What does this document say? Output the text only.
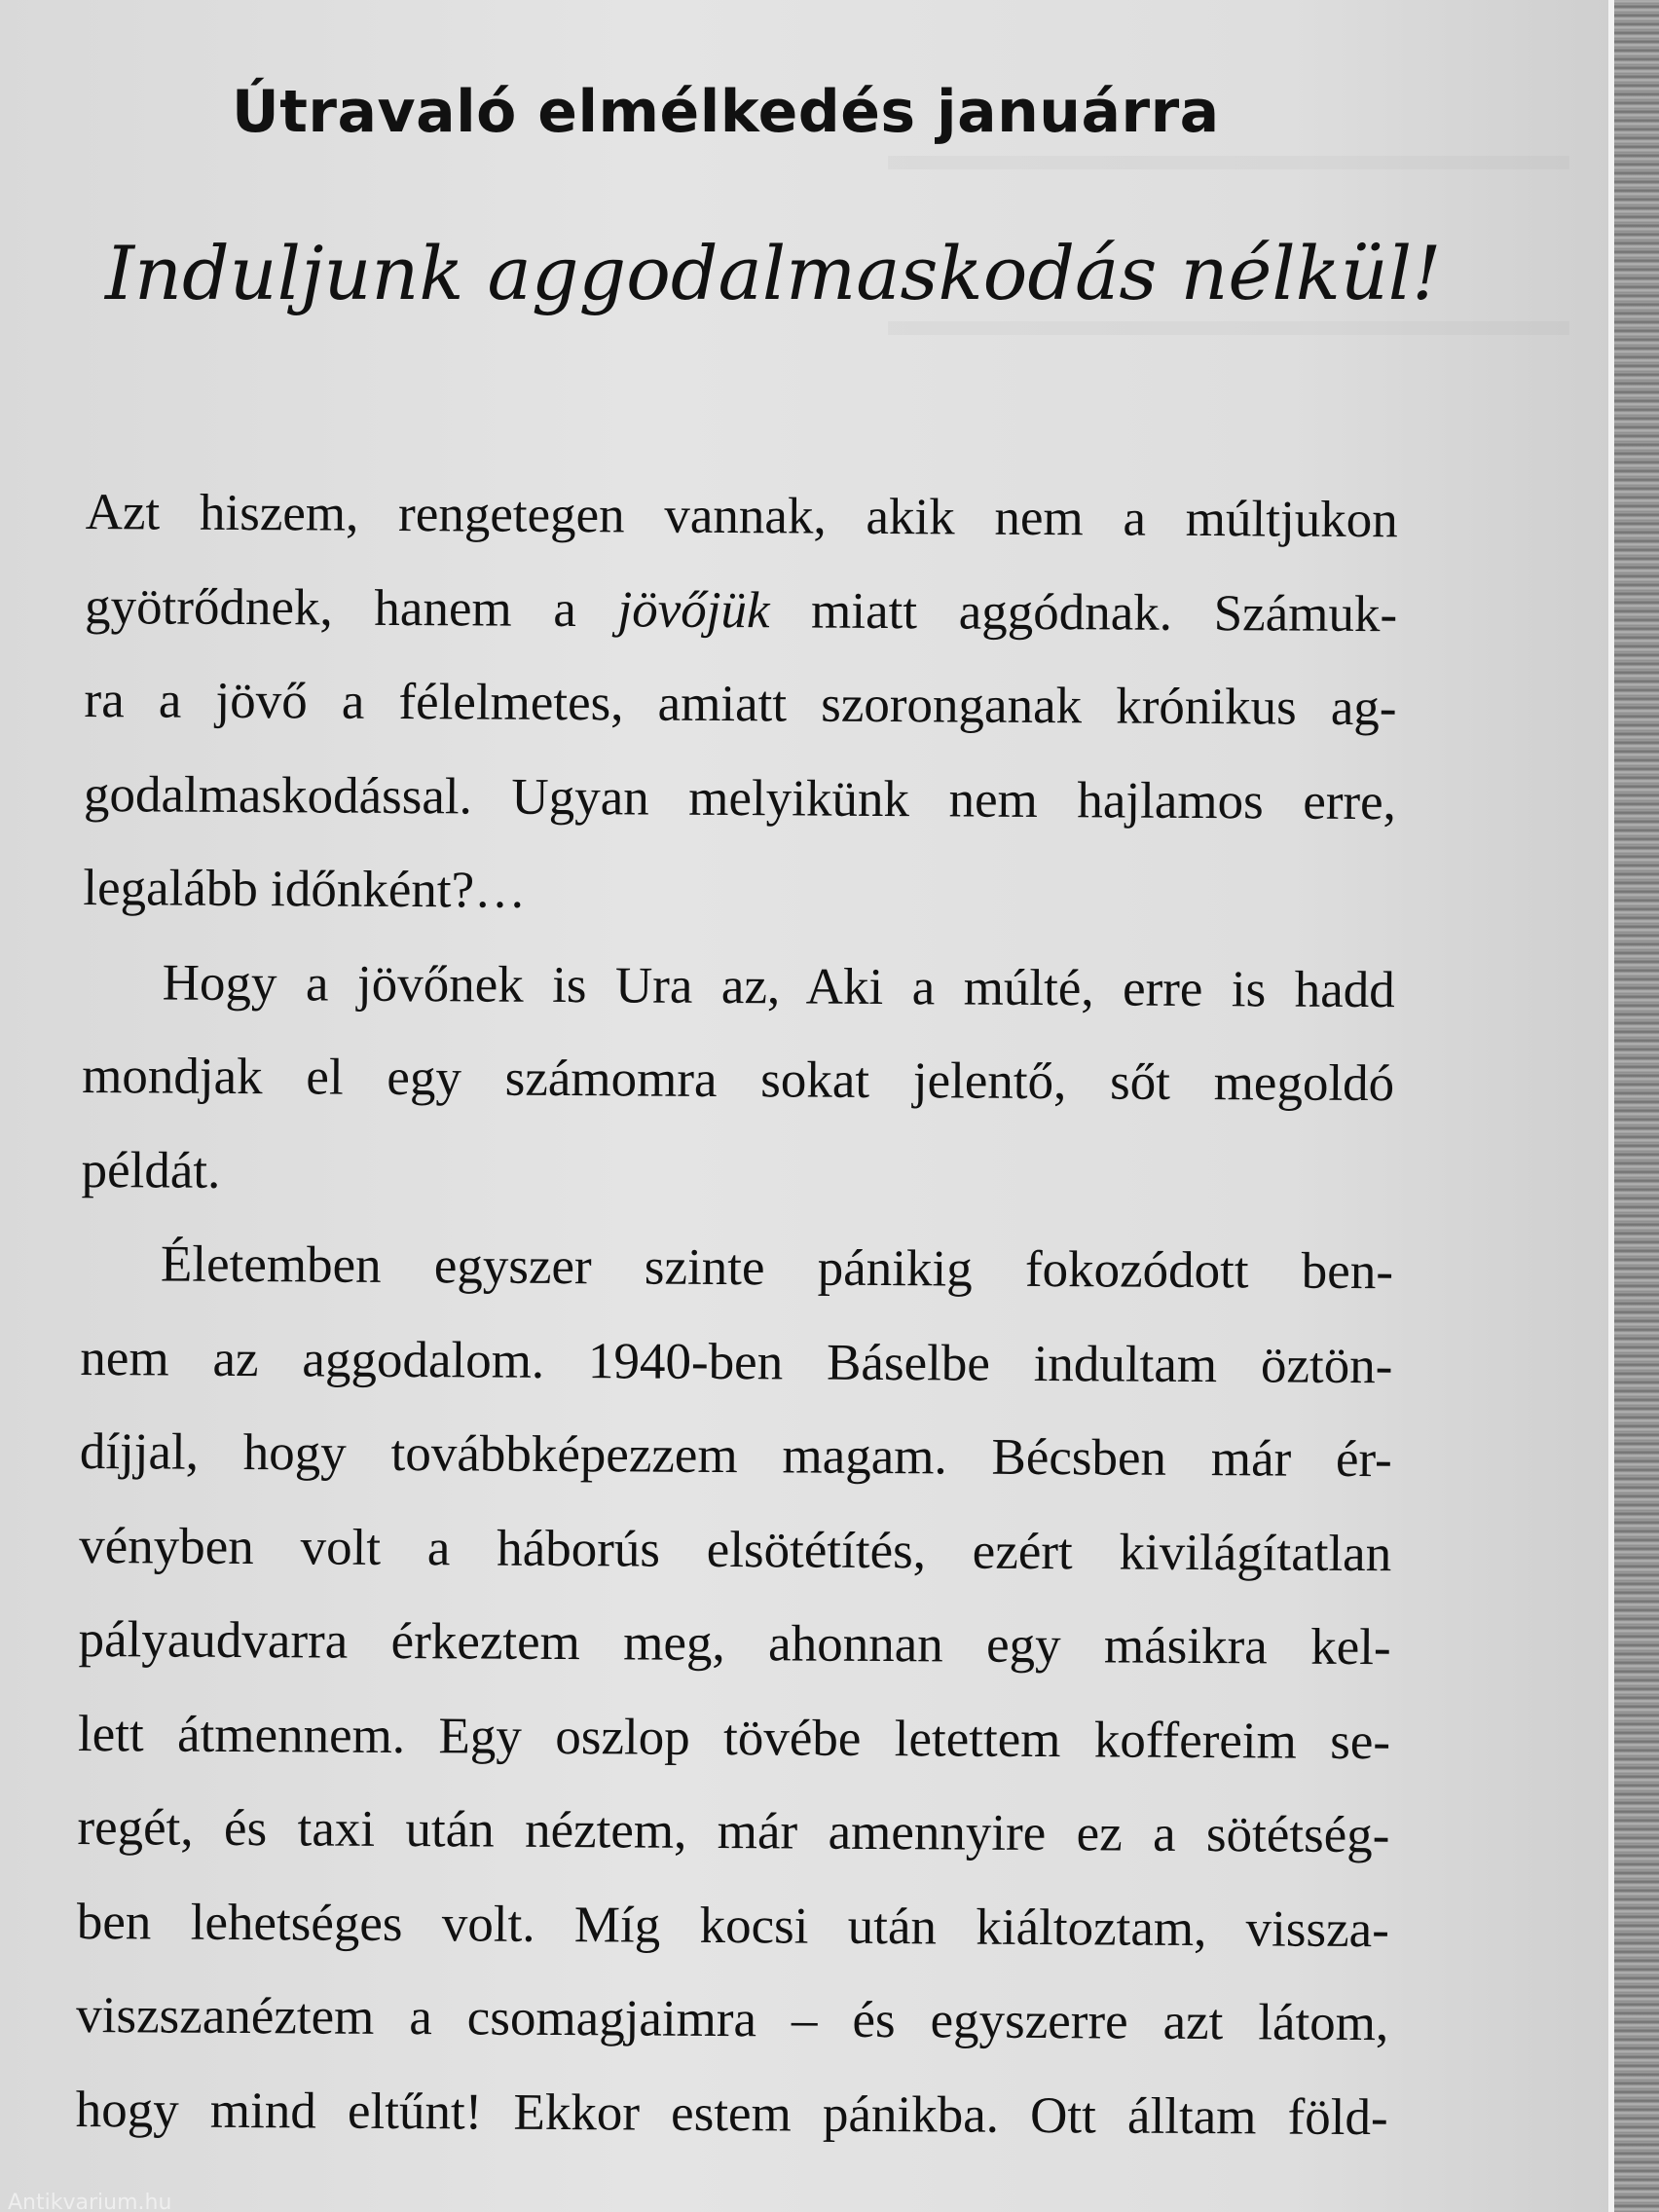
Útravaló elmélkedés januárra
Induljunk aggodalmaskodás nélkül!

Azt hiszem, rengetegen vannak, akik nem a múltjukon
gyötrődnek, hanem a jövőjük miatt aggódnak. Számuk-
ra a jövő a félelmetes, amiatt szoronganak krónikus ag-
godalmaskodással. Ugyan melyikünk nem hajlamos erre,
legalább időnként?…

Hogy a jövőnek is Ura az, Aki a múlté, erre is hadd
mondjak el egy számomra sokat jelentő, sőt megoldó
példát.

Életemben egyszer szinte pánikig fokozódott ben-
nem az aggodalom. 1940-ben Báselbe indultam öztön-
díjjal, hogy továbbképezzem magam. Bécsben már ér-
vényben volt a háborús elsötétítés, ezért kivilágítatlan
pályaudvarra érkeztem meg, ahonnan egy másikra kel-
lett átmennem. Egy oszlop tövébe letettem koffereim se-
regét, és taxi után néztem, már amennyire ez a sötétség-
ben lehetséges volt. Míg kocsi után kiáltoztam, vissza-
viszszanéztem a csomagjaimra – és egyszerre azt látom,
hogy mind eltűnt! Ekkor estem pánikba. Ott álltam föld-

Antikvarium.hu
